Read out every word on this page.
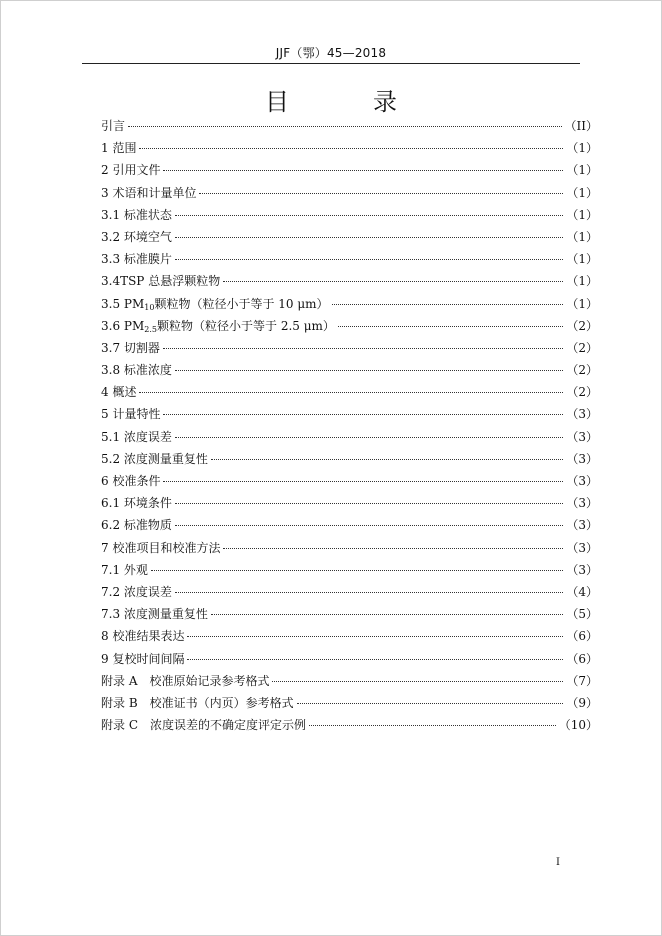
JJF（鄂）45—2018
目　录
引言	（II）
1 范围	（1）
2 引用文件	（1）
3 术语和计量单位	（1）
3.1 标准状态	（1）
3.2 环境空气	（1）
3.3 标准膜片	（1）
3.4TSP 总悬浮颗粒物	（1）
3.5 $PM_{10}$颗粒物（粒径小于等于 10 μm）	（1）
3.6 $PM_{2.5}$颗粒物（粒径小于等于 2.5 μm）	（2）
3.7 切割器	（2）
3.8 标准浓度	（2）
4 概述	（2）
5 计量特性	（3）
5.1 浓度误差	（3）
5.2 浓度测量重复性	（3）
6 校准条件	（3）
6.1 环境条件	（3）
6.2 标准物质	（3）
7 校准项目和校准方法	（3）
7.1 外观	（3）
7.2 浓度误差	（4）
7.3 浓度测量重复性	（5）
8 校准结果表达	（6）
9 复校时间间隔	（6）
附录 A　校准原始记录参考格式	（7）
附录 B　校准证书（内页）参考格式	（9）
附录 C　浓度误差的不确定度评定示例	（10）
I
